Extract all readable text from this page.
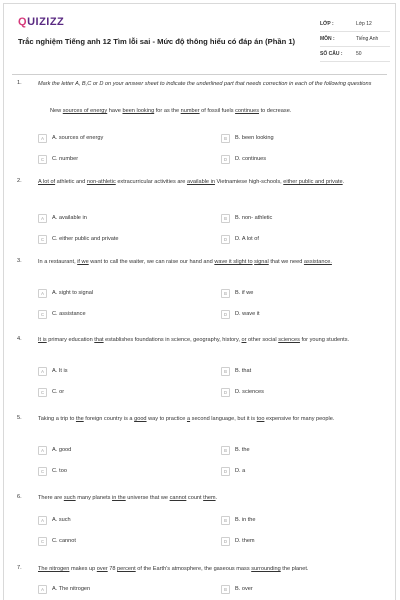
QUIZIZZ
Trắc nghiệm Tiếng anh 12 Tìm lỗi sai - Mức độ thông hiểu có đáp án (Phần 1)
LỚP :	Lớp 12
MÔN :	Tiếng Anh
SỐ CÂU :	50
1.	Mark the letter A, B,C or D on your answer sheet to indicate the underlined part that needs correction in each of the following questions
New sources of energy have been looking for as the number of fossil fuels continues to decrease.
A	A. sources of energy	B	B. been looking
C	C. number	D	D. continues
2.	A lot of athletic and non-athletic extracurricular activities are available in Vietnamiese high-schools, either public and private.
A	A. available in	B	B. non- athletic
C	C. either public and private	D	D. A lot of
3.	In a restaurant, if we want to call the waiter, we can raise our hand and wave it slight to signal that we need assistance.
A	A. sight to signal	B	B. if we
C	C. assistance	D	D. wave it
4.	It is primary education that establishes foundations in science, geography, history, or other social sciences for young students.
A	A. It is	B	B. that
C	C. or	D	D. sciences
5.	Taking a trip to the foreign country is a good way to practice a second language, but it is too expensive for many people.
A	A. good	B	B. the
C	C. too	D	D. a
6.	There are such many planets in the universe that we cannot count them.
A	A. such	B	B. in the
C	C. cannot	D	D. them
7.	The nitrogen makes up over 78 percent of the Earth's atmosphere, the gaseous mass surrounding the planet.
A	A. The nitrogen	B	B. over
